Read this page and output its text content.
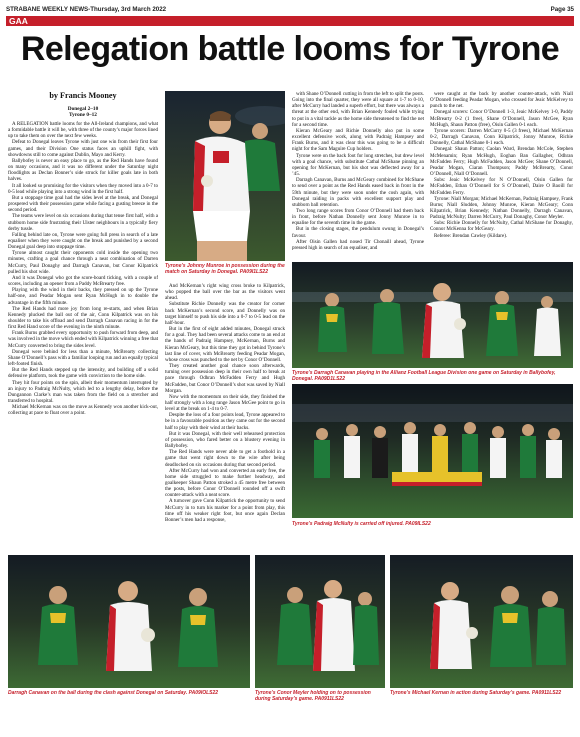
STRABANE WEEKLY NEWS-Thursday, 3rd March 2022	Page 35
GAA
Relegation battle looms for Tyrone
by Francis Mooney
Donegal 2–10
Tyrone 0–12

A RELEGATION battle looms for the All-Ireland champions, and what a formidable battle it will be, with three of the county’s major forces lined up to take them on over the next few weeks.

Defeat to Donegal leaves Tyrone with just one win from their first four games, and their Division One status faces an uphill fight, with showdowns still to come against Dublin, Mayo and Kerry.

Ballybofey is never an easy place to go, as the Red Hands have found on many occasions, and it was no different under the Saturday night floodlights as Declan Bonner’s side struck for killer goals late in both halves.

It all looked so promising for the visitors when they moved into a 0-7 to 0-5 lead while playing into a strong wind in the first half.

But a stoppage time goal had the sides level at the break, and Donegal prospered with their possession game while facing a gusting breeze in the second period.

The teams were level on six occasions during that tense first half, with a stubborn home side frustrating their Ulster neighbours in a typically fiery derby tussle.

Falling behind late on, Tyrone were going full press in search of a late equaliser when they were caught on the break and punished by a second Donegal goal deep into stoppage time.

Tyrone almost caught their opponents cold inside the opening two minutes, crafting a goal chance through a neat combination of Darren McCurry, Paul Donaghy and Darragh Canavan, but Conor Kilpatrick pulled his shot wide.

And it was Donegal who got the score-board ticking, with a couple of scores, including an opener from a Paddy McBrearty free.

Playing with the wind in their backs, they pressed on up the Tyrone half-one, and Peadar Mogan sent Ryan McHugh in to double the advantage in the fifth minute.

The Red Hands had more joy from long re-starts, and when Brian Kennedy plucked the ball out of the air, Conn Kilpatrick was on his shoulder to take his offload and send Darragh Canavan racing in for the first Red Hand score of the evening in the ninth minute.

Frank Burns grabbed every opportunity to push forward from deep, and was involved in the move which ended with Kilpatrick winning a free that McCurry converted to bring the sides level.

Donegal were behind for less than a minute, McBrearty collecting Shane O’Donnell’s pass with a familiar looping run and an equally typical left-footed finish.

But the Red Hands stepped up the intensity, and building off a solid defensive platform, took the game with conviction to the home side.

They hit four points on the spin, albeit their momentum interrupted by an injury to Padraig McNulty, which led to a lengthy delay, before the Dungannon Clarke’s man was taken from the field on a stretcher and transferred to hospital.

Michael McKernan was on the move as Kennedy won another kick-out, collecting at pace to float over a point.

Tyrone’s Johnny Munroe in possession during the match on Saturday in Donegal. PA09I1LS22

And McKernan’s right wing cross broke to Kilpatrick, who popped the ball over the bar as the visitors went ahead.

Substitute Richie Donnelly was the creator for corner back McKernan’s second score, and Donnelly was on target himself to push his side into a 0-7 to 0-5 lead on the half-hour.

But in the first of eight added minutes, Donegal struck for a goal. They had been several attacks come to an end at the hands of Padraig Hampsey, McKernan, Burns and Kieran McGeary, but this time they got in behind Tyrone’s last line of cover, with McBrearty feeding Peadar Mogan, whose cross was punched to the net by Conor O’Donnell.

They created another goal chance soon afterwards, turning over possession deep in their own half to break at pace through Odhran McFadden Ferry and Hugh McFadden, but Conor O’Donnell’s shot was saved by Niall Morgan.

Now with the momentum on their side, they finished the half strongly with a long range Jason McGee point to go in level at the break on 1-4 to 0-7.

Despite the loss of a four points lead, Tyrone appeared to be in a favourable position as they came out for the second half to play with their wind at their backs.

But it was Donegal, with their well rehearsed protection of possession, who fared better on a blustery evening in Ballybofey.

The Red Hands were never able to get a foothold in a game that went right down to the wire after being deadlocked on six occasions during that second period.

After McCurry had won and converted an early free, the home side struggled to make further headway, and goalkeeper Shaun Patton stroked a 45 metre free between the posts, before Conor O’Donnell rounded off a swift counter-attack with a neat score.

A turnover gave Conn Kilpatrick the opportunity to send McCurry in to turn his marker for a point from play, this time off his weaker right foot, but once again Declan Bonner’s men had a response,

with Shane O’Donnell cutting in from the left to split the posts. Going into the final quarter, they were all square at 1-7 to 0-10, after McCurry had landed a superb effort, but there was always a threat at the other end, with Brian Kennedy fouled while trying to put in a vital tackle as the home side threatened to find the net for a second time.

Kieran McGeary and Richie Donnelly also put in some excellent defensive work, along with Padraig Hampsey and Frank Burns, and it was clear this was going to be a difficult night for the Sam Maguire Cup holders.

Tyrone were on the back foot for long stretches, but drew level with a goal chance, with substitute Cathal McShane pinning an opening for McKernan, but his shot was deflected away for a ’45.

Darragh Canavan, Burns and McGeary combined for McShane to send over a point as the Red Hands eased back in front in the 59th minute, but they were soon under the cosh again, with Donegal raiding in packs with excellent support play and stubborn ball retention.

Two long range scores from Conor O’Donnell had them back in front, before Nathan Donnelly sent Jonny Munroe in to equalise for the seventh time in the game.

But in the closing stages, the pendulum swung in Donegal’s favour.

After Oisin Gallen had nosed Tir Chonaill ahead, Tyrone pressed high in search of an equaliser, and

were caught at the back by another counter-attack, with Niall O’Donnell feeding Peadar Mogan, who crossed for Jeaic McKelvey to punch to the net.

Donegal scorers: Conor O’Donnell 1-3, Jeaic McKelvey 1-0, Paddy McBrearty 0-2 (1 free), Shane O’Donnell, Jason McGee, Ryan McHugh, Shaun Patton (free), Oisin Gallen 0-1 each.

Tyrone scorers: Darren McCurry 0-5 (3 frees), Michael McKernan 0-2, Darragh Canavan, Conn Kilpatrick, Jonny Munroe, Richie Donnelly, Cathal McShane 0-1 each.

Donegal: Shaun Patton; Caolan Ward, Brendan McCole, Stephen McMenamin; Ryan McHugh, Eoghan Ban Gallagher, Odhran McFadden Ferry; Hugh McFadden, Jason McGee; Shane O’Donnell, Peadar Mogan, Ciaran Thompson; Paddy McBrearty, Conor O’Donnell, Niall O’Donnell.

Subs: Jeaic McKelvey for N O’Donnell, Oisin Gallen for McFadden, Ethan O’Donnell for S O’Donnell, Daire O Baoill for McFadden Ferry.

Tyrone: Niall Morgan; Michael McKernan, Padraig Hampsey, Frank Burns; Niall Sludden, Johnny Munroe, Kieran McGeary; Conn Kilpatrick, Brian Kennedy; Nathan Donnelly, Darragh Canavan, Padraig McNulty; Darren McCurry, Paul Donaghy, Conor Meyler.

Subs: Richie Donnelly for McNulty, Cathal McShane for Donaghy, Connor McKenna for McGeary.

Referee: Brendan Cawley (Kildare).

Tyrone’s Darragh Canavan playing in the Allianz Football League Division one game on Saturday in Ballybofey, Donegal. PA09D1LS22
Tyrone’s Padraig McNulty is carried off injured. PA09ILS22
Darragh Canavan on the ball during the clash against Donegal on Saturday. PA09IOLS22	Tyrone’s Conor Meyler holding on to possession during Saturday’s game. PA0911LS22
Tyrone’s Michael Kernan in action during Saturday’s game. PA0911LS22
